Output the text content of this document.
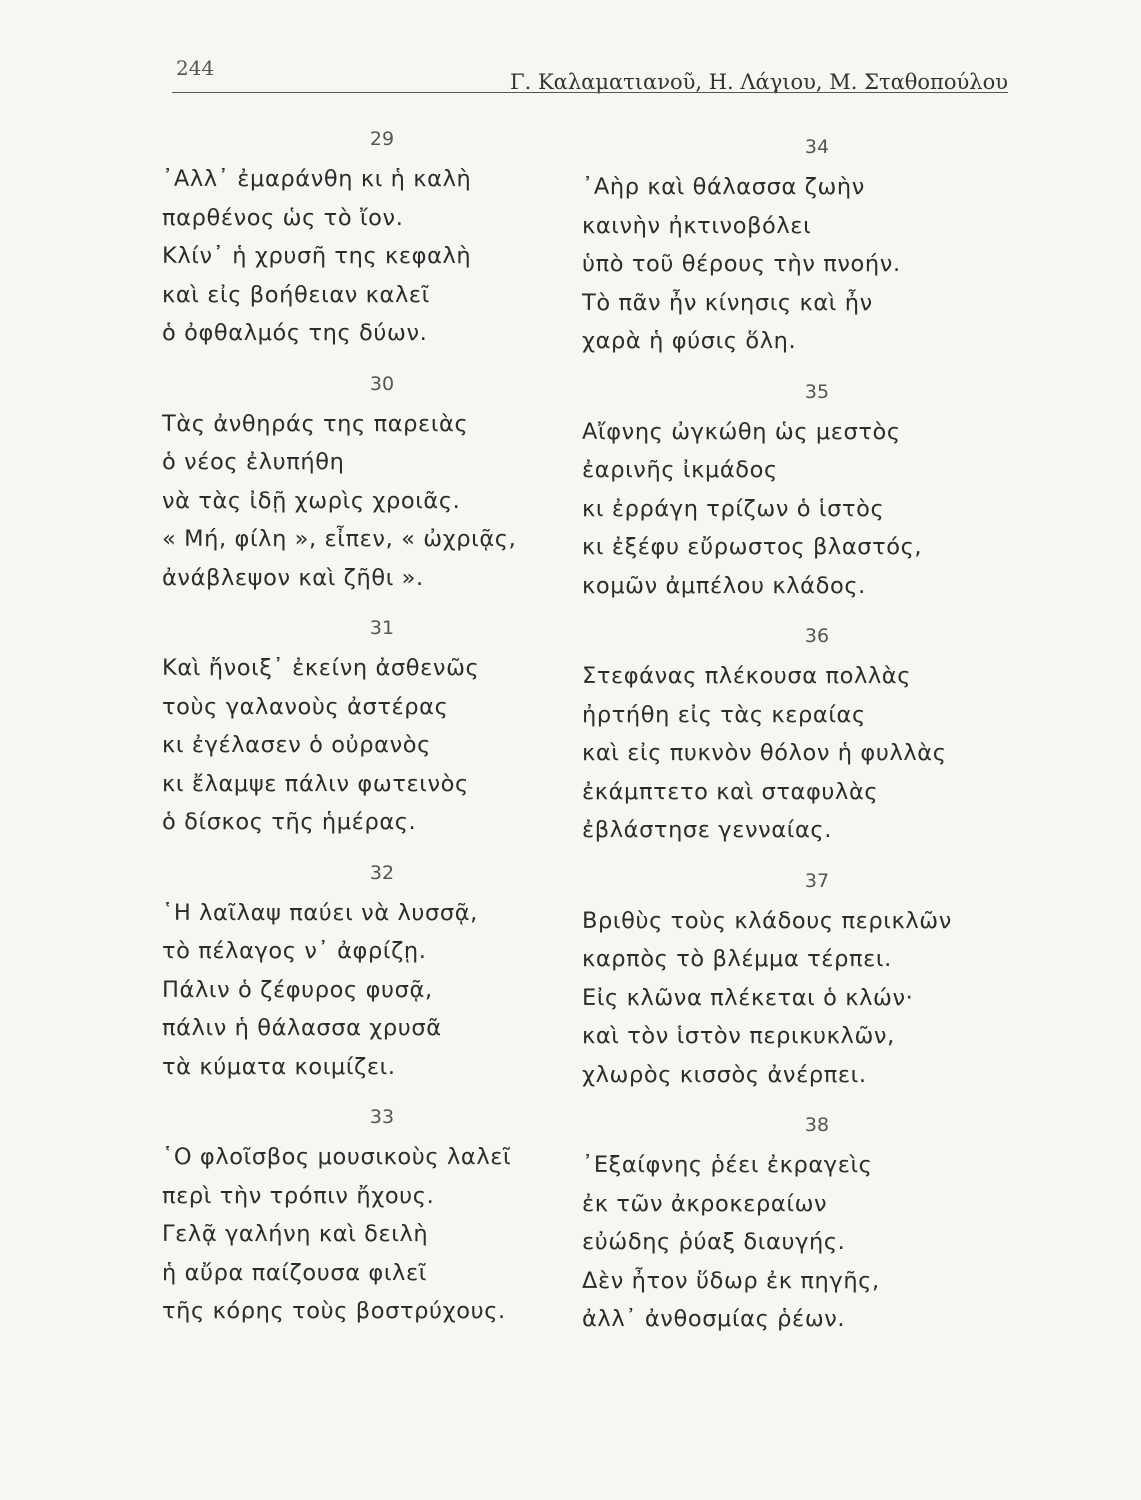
244
Γ. Καλαματιανοῦ, Η. Λάγιου, Μ. Σταθοπούλου
29
᾿Αλλ᾿ ἐμαράνθη κι ἡ καλὴ
παρθένος ὡς τὸ ἴον.
Κλίν᾿ ἡ χρυσῆ της κεφαλὴ
καὶ εἰς βοήθειαν καλεῖ
ὁ ὀφθαλμός της δύων.
30
Τὰς ἀνθηράς της παρειὰς
ὁ νέος ἐλυπήθη
νὰ τὰς ἰδῇ χωρὶς χροιᾶς.
« Μή, φίλη », εἶπεν, « ὠχριᾷς,
ἀνάβλεψον καὶ ζῆθι ».
31
Καὶ ἤνοιξ᾿ ἐκείνη ἀσθενῶς
τοὺς γαλανοὺς ἀστέρας
κι ἐγέλασεν ὁ οὐρανὸς
κι ἔλαμψε πάλιν φωτεινὸς
ὁ δίσκος τῆς ἡμέρας.
32
῾Η λαῖλαψ παύει νὰ λυσσᾷ,
τὸ πέλαγος ν᾿ ἀφρίζῃ.
Πάλιν ὁ ζέφυρος φυσᾷ,
πάλιν ἡ θάλασσα χρυσᾶ
τὰ κύματα κοιμίζει.
33
῾Ο φλοῖσβος μουσικοὺς λαλεῖ
περὶ τὴν τρόπιν ἤχους.
Γελᾷ γαλήνη καὶ δειλὴ
ἡ αὔρα παίζουσα φιλεῖ
τῆς κόρης τοὺς βοστρύχους.
34
᾿Αὴρ καὶ θάλασσα ζωὴν
καινὴν ἠκτινοβόλει
ὑπὸ τοῦ θέρους τὴν πνοήν.
Τὸ πᾶν ἦν κίνησις καὶ ἦν
χαρὰ ἡ φύσις ὅλη.
35
Αἴφνης ὠγκώθη ὡς μεστὸς
ἐαρινῆς ἰκμάδος
κι ἐρράγη τρίζων ὁ ἱστὸς
κι ἐξέφυ εὔρωστος βλαστός,
κομῶν ἀμπέλου κλάδος.
36
Στεφάνας πλέκουσα πολλὰς
ἠρτήθη εἰς τὰς κεραίας
καὶ εἰς πυκνὸν θόλον ἡ φυλλὰς
ἐκάμπτετο καὶ σταφυλὰς
ἐβλάστησε γενναίας.
37
Βριθὺς τοὺς κλάδους περικλῶν
καρπὸς τὸ βλέμμα τέρπει.
Εἰς κλῶνα πλέκεται ὁ κλών·
καὶ τὸν ἱστὸν περικυκλῶν,
χλωρὸς κισσὸς ἀνέρπει.
38
᾿Εξαίφνης ῥέει ἐκραγεὶς
ἐκ τῶν ἀκροκεραίων
εὐώδης ῥύαξ διαυγής.
Δὲν ἦτον ὕδωρ ἐκ πηγῆς,
ἀλλ᾿ ἀνθοσμίας ῥέων.
